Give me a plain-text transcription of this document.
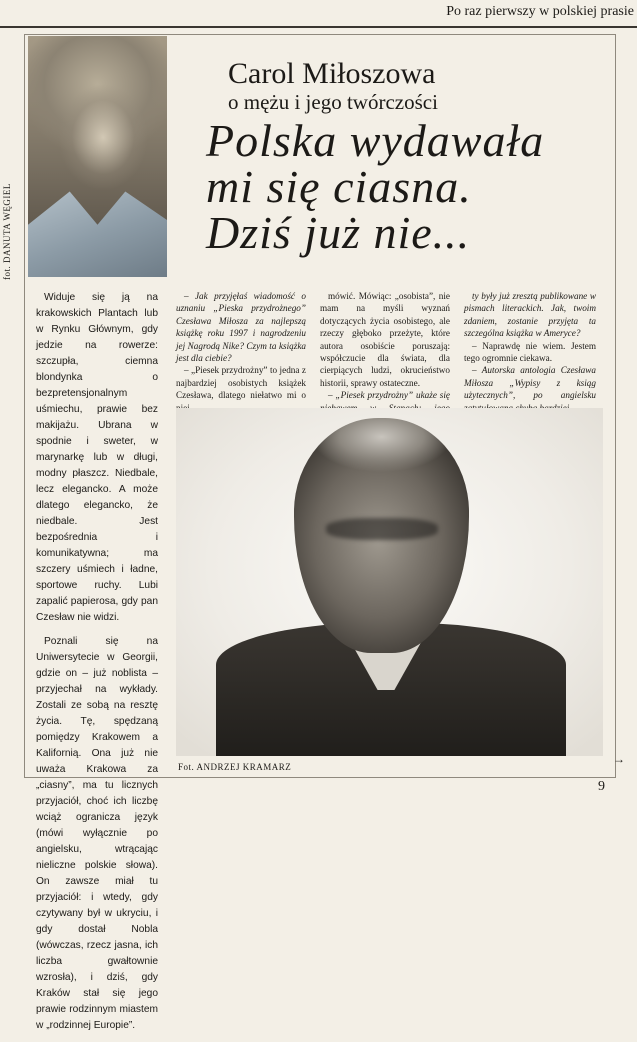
Po raz pierwszy w polskiej prasie
fot. DANUTA WĘGIEL
Carol Miłoszowa
o mężu i jego twórczości
Polska wydawała
mi się ciasna.
Dziś już nie...

Widuje się ją na krakowskich Plantach lub w Rynku Głównym, gdy jedzie na rowerze: szczupła, ciemna blondynka o bezpretensjonalnym uśmiechu, prawie bez makijażu. Ubrana w spodnie i sweter, w marynarkę lub w długi, modny płaszcz. Niedbale, lecz elegancko. A może dlatego elegancko, że niedbale. Jest bezpośrednia i komunikatywna; ma szczery uśmiech i ładne, sportowe ruchy. Lubi zapalić papierosa, gdy pan Czesław nie widzi.

Poznali się na Uniwersytecie w Georgii, gdzie on – już noblista – przyjechał na wykłady. Zostali ze sobą na resztę życia. Tę, spędzaną pomiędzy Krakowem a Kalifornią. Ona już nie uważa Krakowa za „ciasny”, ma tu licznych przyjaciół, choć ich liczbę wciąż ogranicza język (mówi wyłącznie po angielsku, wtrącając nieliczne polskie słowa). On zawsze miał tu przyjaciół: i wtedy, gdy czytywany był w ukryciu, i gdy dostał Nobla (wówczas, rzecz jasna, ich liczba gwałtownie wzrosła), i dziś, gdy Kraków stał się jego prawie rodzinnym miastem w „rodzinnej Europie”.

– Jak przyjęłaś wiadomość o uznaniu „Pieska przydrożnego” Czesława Miłosza za najlepszą książkę roku 1997 i nagrodzeniu jej Nagrodą Nike? Czym ta książka jest dla ciebie?

– „Piesek przydrożny” to jedna z najbardziej osobistych książek Czesława, dlatego niełatwo mi o

mówić. Mówiąc: „osobista”, nie mam na myśli wyznań dotyczących życia osobistego, ale rzeczy głęboko przeżyte, które autora osobiście poruszają: współczucie dla świata, dla cierpiących ludzi, okrucieństwo historii, sprawy ostateczne.

– „Piesek przydrożny” ukaże się

ty były już zresztą publikowane w pismach literackich. Jak, twoim zdaniem, zostanie przyjęta ta szczególna książka w Ameryce?

– Naprawdę nie wiem. Jestem tego ogromnie ciekawa.

– Autorska antologia Czesława Miłosza „Wypisy z ksiąg użytecznych”, po angielsku

Fot. ANDRZEJ KRAMARZ
→
9
